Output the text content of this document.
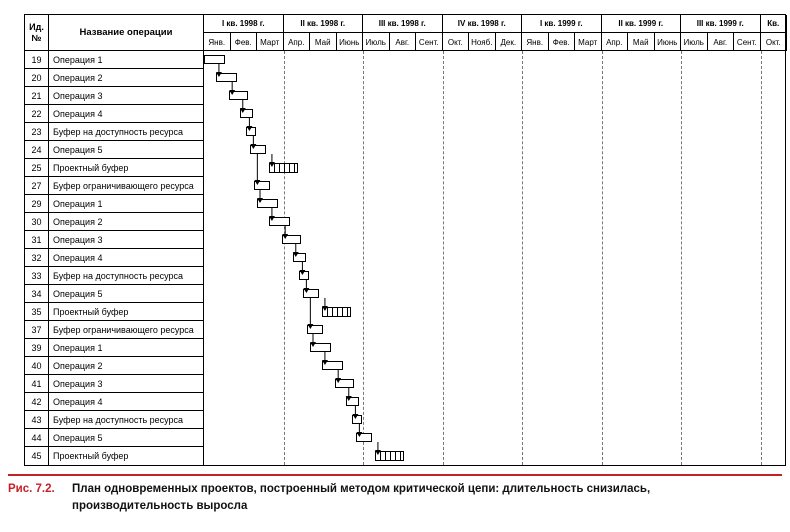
Ид.
№	Название операции
19	Операция 1
20	Операция 2
21	Операция 3
22	Операция 4
23	Буфер на доступность ресурса
24	Операция 5
25	Проектный буфер
27	Буфер ограничивающего ресурса
29	Операция 1
30	Операция 2
31	Операция 3
32	Операция 4
33	Буфер на доступность ресурса
34	Операция 5
35	Проектный буфер
37	Буфер ограничивающего ресурса
39	Операция 1
40	Операция 2
41	Операция 3
42	Операция 4
43	Буфер на доступность ресурса
44	Операция 5
45	Проектный буфер
I кв. 1998 г.	II кв. 1998 г.	III кв. 1998 г.	IV кв. 1998 г.	I кв. 1999 г.	II кв. 1999 г.	III кв. 1999 г.	Кв.
Янв.	Фев.	Март	Апр.	Май	Июнь Июль	Авг.	Сент.	Окт.	Нояб.	Дек.	Янв.	Фев.	Март	Апр.	Май	Июнь Июль	Авг.	Сент.	Окт.
Рис. 7.2.	План одновременных проектов, построенный методом критической цепи: длительность снизилась, производительность выросла
